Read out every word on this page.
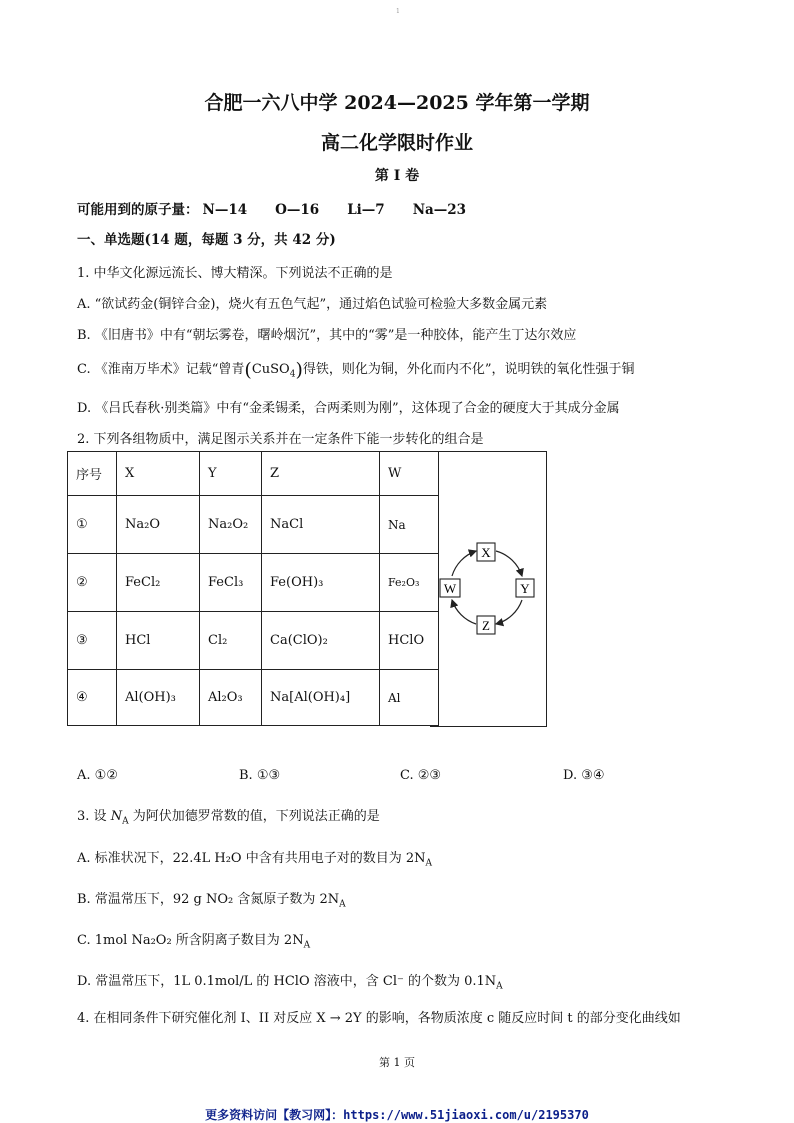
1
合肥一六八中学 2024—2025 学年第一学期
高二化学限时作业
第 I 卷
可能用到的原子量： N—14 O—16 Li—7 Na—23
一、单选题(14 题，每题 3 分，共 42 分)
1. 中华文化源远流长、博大精深。下列说法不正确的是
A. “欲试药金(铜锌合金)，烧火有五色气起”，通过焰色试验可检验大多数金属元素
B. 《旧唐书》中有“朝坛雾卷，曙岭烟沉”，其中的“雾”是一种胶体，能产生丁达尔效应
C. 《淮南万毕术》记载“曾青(CuSO$_4$)得铁，则化为铜，外化而内不化”，说明铁的氧化性强于铜
D. 《吕氏春秋·别类篇》中有“金柔锡柔，合两柔则为刚”，这体现了合金的硬度大于其成分金属
2. 下列各组物质中，满足图示关系并在一定条件下能一步转化的组合是
序号	X	Y	Z	W
①	Na₂O	Na₂O₂	NaCl	Na
②	FeCl₂	FeCl₃	Fe(OH)₃	Fe₂O₃
③	HCl	Cl₂	Ca(ClO)₂	HClO
④	Al(OH)₃	Al₂O₃	Na[Al(OH)₄]	Al
X
Y
Z
W
A. ①②	B. ①③	C. ②③	D. ③④
3. 设 $N_A$ 为阿伏加德罗常数的值，下列说法正确的是
A. 标准状况下，22.4L H₂O 中含有共用电子对的数目为 $2N_A$
B. 常温常压下，92 g NO₂ 含氮原子数为 $2N_A$
C. 1mol Na₂O₂ 所含阴离子数目为 $2N_A$
D. 常温常压下，1L 0.1mol/L 的 HClO 溶液中，含 Cl⁻ 的个数为 $0.1N_A$
4. 在相同条件下研究催化剂 I、II 对反应 X → 2Y 的影响，各物质浓度 c 随反应时间 t 的部分变化曲线如
第 1 页
更多资料访问【教习网】：https://www.51jiaoxi.com/u/2195370
